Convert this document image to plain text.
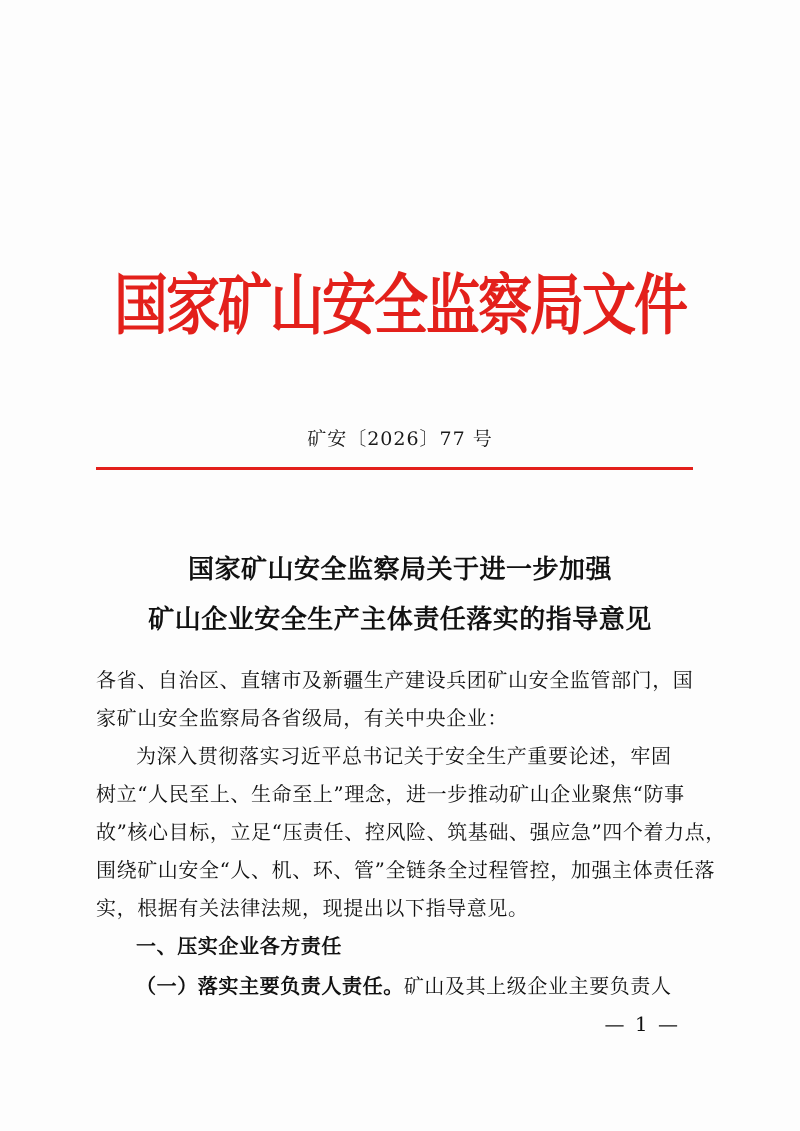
国家矿山安全监察局文件
矿安〔2026〕77 号
国家矿山安全监察局关于进一步加强
矿山企业安全生产主体责任落实的指导意见
各省、自治区、直辖市及新疆生产建设兵团矿山安全监管部门，国
家矿山安全监察局各省级局，有关中央企业：
为深入贯彻落实习近平总书记关于安全生产重要论述，牢固
树立“人民至上、生命至上”理念，进一步推动矿山企业聚焦“防事
故”核心目标，立足“压责任、控风险、筑基础、强应急”四个着力点，
围绕矿山安全“人、机、环、管”全链条全过程管控，加强主体责任落
实，根据有关法律法规，现提出以下指导意见。
一、压实企业各方责任
（一）落实主要负责人责任。矿山及其上级企业主要负责人
— 1 —
